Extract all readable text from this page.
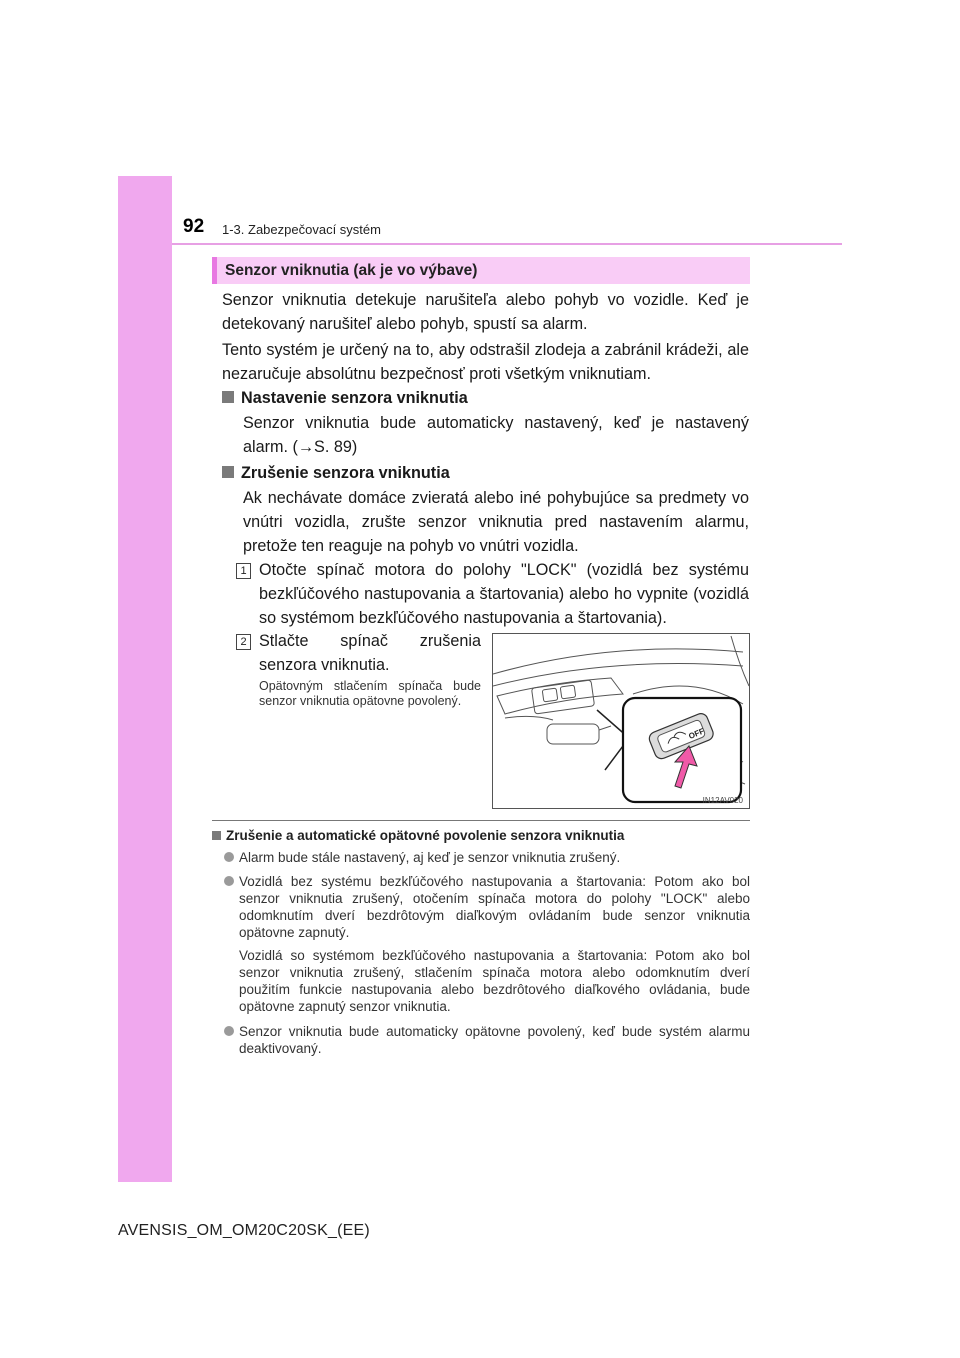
92 1-3. Zabezpečovací systém
Senzor vniknutia (ak je vo výbave)

Senzor vniknutia detekuje narušiteľa alebo pohyb vo vozidle. Keď je detekovaný narušiteľ alebo pohyb, spustí sa alarm.

Tento systém je určený na to, aby odstrašil zlodeja a zabránil krádeži, ale nezaručuje absolútnu bezpečnosť proti všetkým vniknutiam.

Nastavenie senzora vniknutia

Senzor vniknutia bude automaticky nastavený, keď je nastavený alarm. (→S. 89)

Zrušenie senzora vniknutia

Ak nechávate domáce zvieratá alebo iné pohybujúce sa predmety vo vnútri vozidla, zrušte senzor vniknutia pred nastavením alarmu, pretože ten reaguje na pohyb vo vnútri vozidla.

1 Otočte spínač motora do polohy "LOCK" (vozidlá bez systému bezkľúčového nastupovania a štartovania) alebo ho vypnite (vozidlá so systémom bezkľúčového nastupovania a štartovania).

2 Stlačte spínač zrušenia senzora vniknutia.

Opätovným stlačením spínača bude senzor vniknutia opätovne povolený.

OFF
IN12AV020
Zrušenie a automatické opätovné povolenie senzora vniknutia
Alarm bude stále nastavený, aj keď je senzor vniknutia zrušený.
Vozidlá bez systému bezkľúčového nastupovania a štartovania: Potom ako bol senzor vniknutia zrušený, otočením spínača motora do polohy "LOCK" alebo odomknutím dverí bezdrôtovým diaľkovým ovládaním bude senzor vniknutia opätovne zapnutý.

Vozidlá so systémom bezkľúčového nastupovania a štartovania: Potom ako bol senzor vniknutia zrušený, stlačením spínača motora alebo odomknutím dverí použitím funkcie nastupovania alebo bezdrôtového diaľkového ovládania, bude opätovne zapnutý senzor vniknutia.

Senzor vniknutia bude automaticky opätovne povolený, keď bude systém alarmu deaktivovaný.
AVENSIS_OM_OM20C20SK_(EE)
